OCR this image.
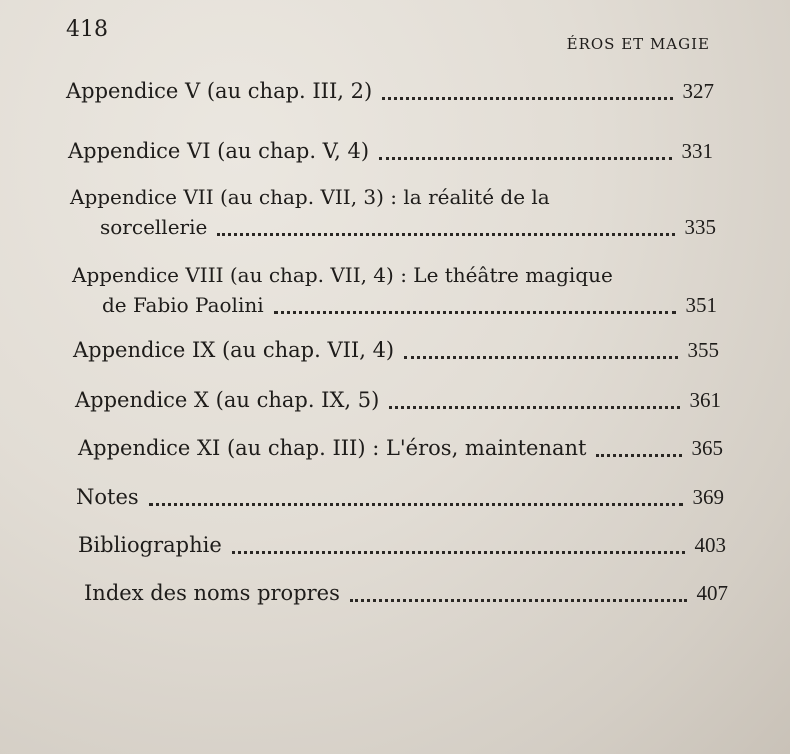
418
ÉROS ET MAGIE
Appendice V (au chap. III, 2)	327
Appendice VI (au chap. V, 4)	331
Appendice VII (au chap. VII, 3) : la réalité de la
sorcellerie	335
Appendice VIII (au chap. VII, 4) : Le théâtre magique
de Fabio Paolini	351
Appendice IX (au chap. VII, 4)	355
Appendice X (au chap. IX, 5)	361
Appendice XI (au chap. III) : L'éros, maintenant	365
Notes	369
Bibliographie	403
Index des noms propres	407
